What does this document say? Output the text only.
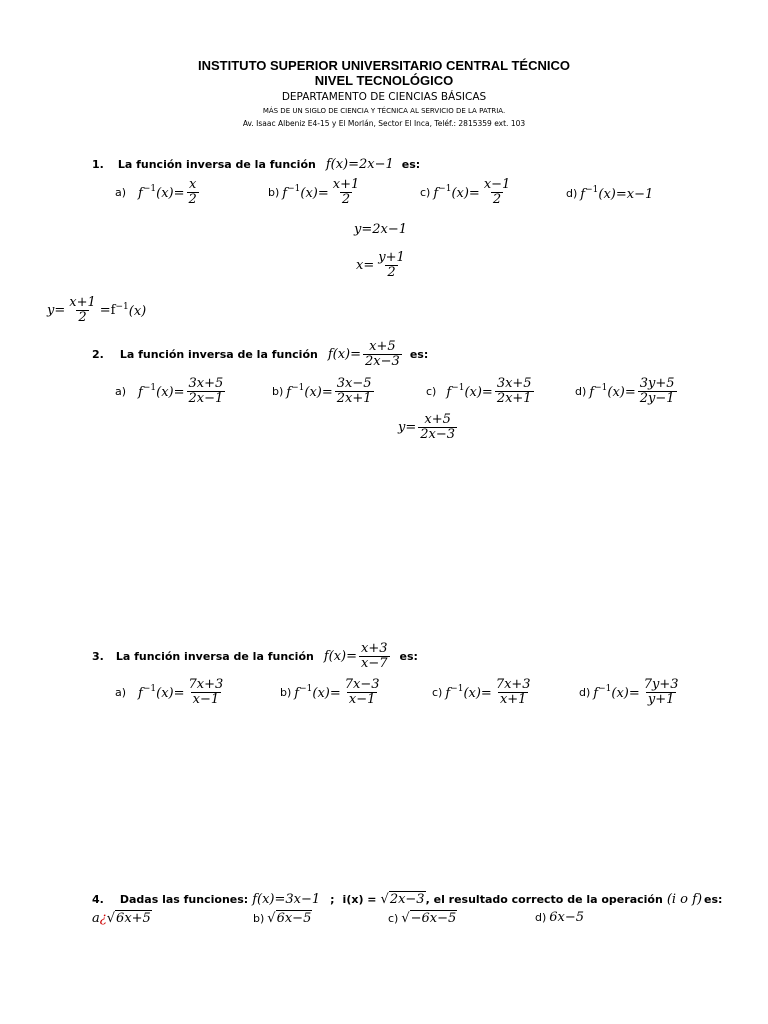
INSTITUTO SUPERIOR UNIVERSITARIO CENTRAL TÉCNICO
NIVEL TECNOLÓGICO
DEPARTAMENTO DE CIENCIAS BÁSICAS
MÁS DE UN SIGLO DE CIENCIA Y TÉCNICA AL SERVICIO DE LA PATRIA.
Av. Isaac Albeniz E4-15 y El Morlán, Sector El Inca, Teléf.: 2815359 ext. 103
1. La función inversa de la función f(x)=2x−1 es:
a) $f^{-1}(x)= \frac{x}{2}$	b) $f^{-1}(x)= \frac{x+1}{2}$	c) $f^{-1}(x)= \frac{x-1}{2}$	d) $f^{-1}(x)=x-1$
y=2x−1
$x= \frac{y+1}{2}$
$y= \frac{x+1}{2} =f$ $^{-1}$(x)
2. La función inversa de la función $f(x)= \frac{x+5}{2x-3}$ es:
a) $f^{-1}(x)= \frac{3x+5}{2x-1}$	b) $f^{-1}(x)= \frac{3x-5}{2x+1}$	c) $f^{-1}(x)= \frac{3x+5}{2x+1}$	d) $f^{-1}(x)= \frac{3y+5}{2y-1}$
$y= \frac{x+5}{2x-3}$
3. La función inversa de la función $f(x)= \frac{x+3}{x-7}$ es:
a) $f^{-1}(x)= \frac{7x+3}{x-1}$	b) $f^{-1}(x)= \frac{7x-3}{x-1}$	c) $f^{-1}(x)= \frac{7x+3}{x+1}$	d) $f^{-1}(x)= \frac{7y+3}{y+1}$
4. Dadas las funciones: f(x)=3x−1 ; i(x) = √ 2x−3 , el resultado correcto de la operación (i o f) es:
a ¿ √ 6x+5	b) √ 6x−5	c) √ −6x−5	d) 6x−5
